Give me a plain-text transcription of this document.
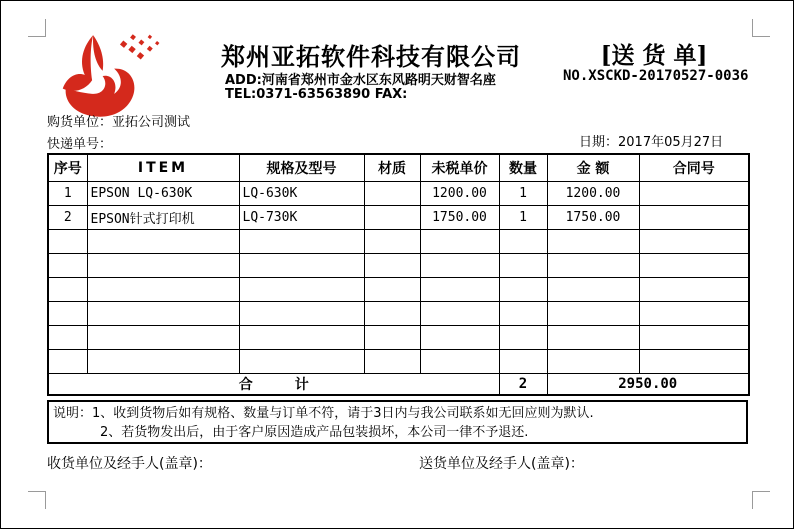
郑州亚拓软件科技有限公司	[送 货 单]
ADD:河南省郑州市金水区东风路明天财智名座
TEL:0371-63563890 FAX:
NO.XSCKD-20170527-0036
购货单位：亚拓公司测试
快递单号：	日期：2017年05月27日
序号	ITEM	规格及型号	材质	未税单价	数量	金 额	合同号
1	EPSON LQ-630K	LQ-630K		1200.00	1	1200.00	
2	EPSON针式打印机	LQ-730K		1750.00	1	1750.00	

合　　　计					2	2950.00	
说明：1、收到货物后如有规格、数量与订单不符，请于3日内与我公司联系如无回应则为默认.
2、若货物发出后，由于客户原因造成产品包装损坏，本公司一律不予退还.
收货单位及经手人(盖章)：	送货单位及经手人(盖章)：
